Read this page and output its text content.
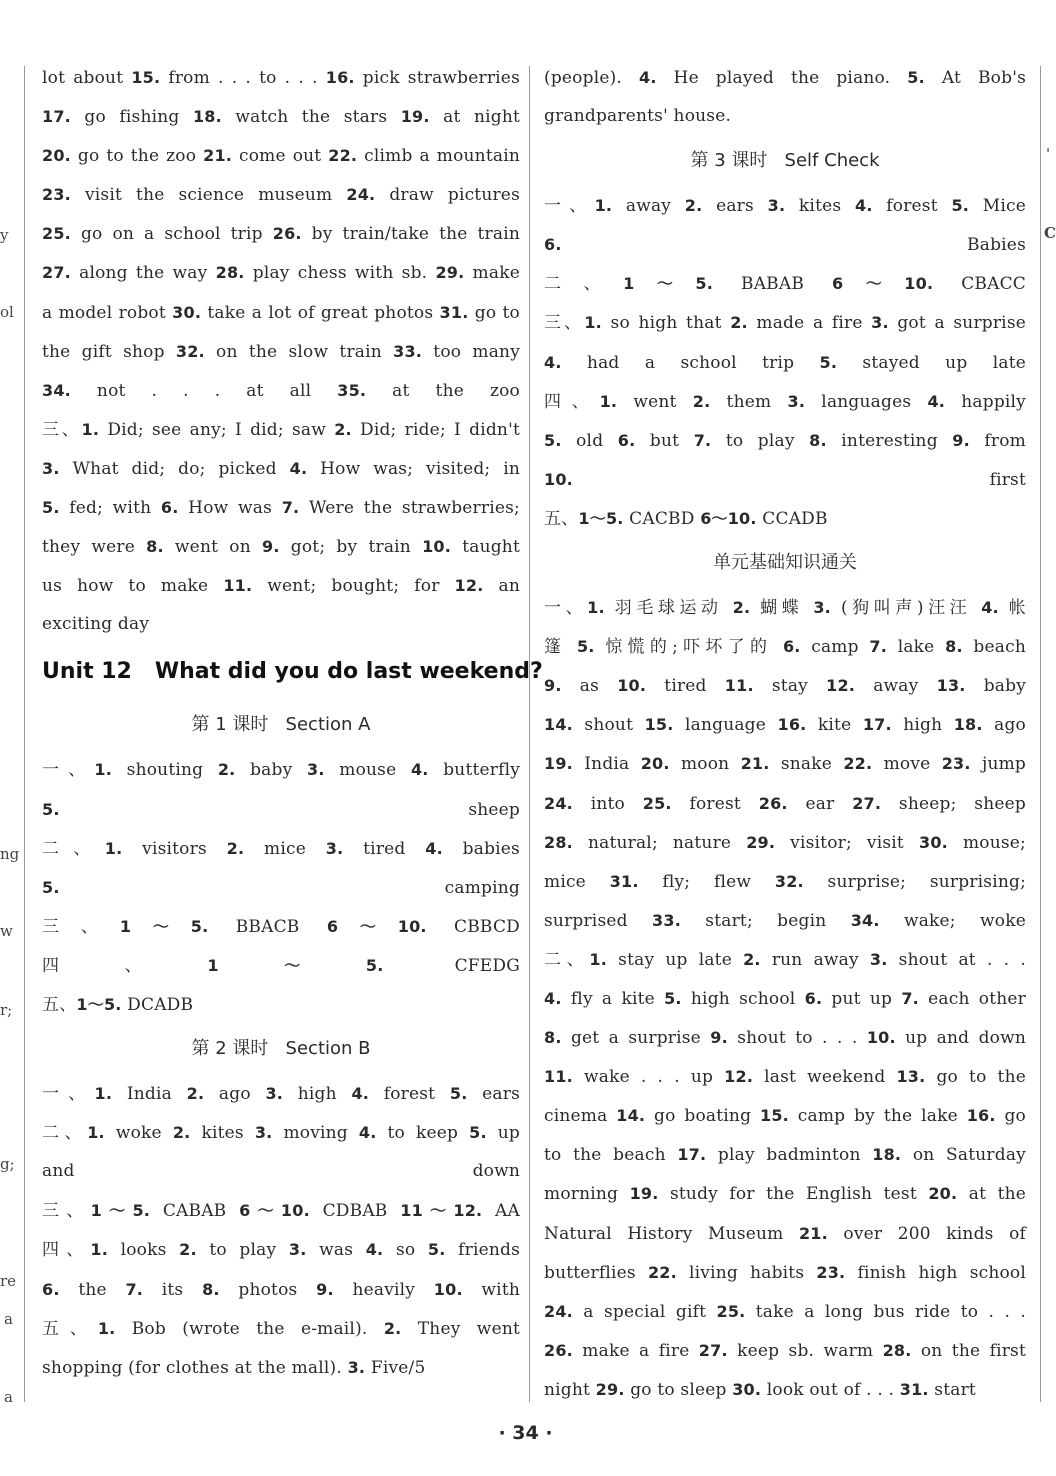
y
ol
ng
w
r;
g;
re
a
a
'
C
lot about 15. from . . . to . . . 16. pick strawberries
17. go fishing 18. watch the stars 19. at night
20. go to the zoo 21. come out 22. climb a mountain
23. visit the science museum 24. draw pictures
25. go on a school trip 26. by train/take the train
27. along the way 28. play chess with sb. 29. make
a model robot 30. take a lot of great photos 31. go to
the gift shop 32. on the slow train 33. too many
34. not . . . at all 35. at the zoo
三、1. Did; see any; I did; saw 2. Did; ride; I didn't
3. What did; do; picked 4. How was; visited; in
5. fed; with 6. How was 7. Were the strawberries;
they were 8. went on 9. got; by train 10. taught
us how to make 11. went; bought; for 12. an
exciting day
Unit 12   What did you do last weekend?
第 1 课时   Section A
一、1. shouting 2. baby 3. mouse 4. butterfly
5. sheep
二、1. visitors 2. mice 3. tired 4. babies
5. camping
三、1～5. BBACB 6～10. CBBCD
四、1～5. CFEDG
五、1～5. DCADB
第 2 课时   Section B
一、1. India 2. ago 3. high 4. forest 5. ears
二、1. woke 2. kites 3. moving 4. to keep 5. up
and down
三、1～5. CABAB 6～10. CDBAB 11～12. AA
四、1. looks 2. to play 3. was 4. so 5. friends
6. the 7. its 8. photos 9. heavily 10. with
五、1. Bob (wrote the e-mail). 2. They went
shopping (for clothes at the mall). 3. Five/5
(people). 4. He played the piano. 5. At Bob's
grandparents' house.
第 3 课时   Self Check
一、1. away 2. ears 3. kites 4. forest 5. Mice
6. Babies
二、1～5. BABAB 6～10. CBACC
三、1. so high that 2. made a fire 3. got a surprise
4. had a school trip 5. stayed up late
四、1. went 2. them 3. languages 4. happily
5. old 6. but 7. to play 8. interesting 9. from
10. first
五、1～5. CACBD 6～10. CCADB
单元基础知识通关
一、1. 羽毛球运动 2. 蝴蝶 3. (狗叫声)汪汪 4. 帐
篷 5. 惊慌的;吓坏了的 6. camp 7. lake 8. beach
9. as 10. tired 11. stay 12. away 13. baby
14. shout 15. language 16. kite 17. high 18. ago
19. India 20. moon 21. snake 22. move 23. jump
24. into 25. forest 26. ear 27. sheep; sheep
28. natural; nature 29. visitor; visit 30. mouse;
mice 31. fly; flew 32. surprise; surprising;
surprised 33. start; begin 34. wake; woke
二、1. stay up late 2. run away 3. shout at . . .
4. fly a kite 5. high school 6. put up 7. each other
8. get a surprise 9. shout to . . . 10. up and down
11. wake . . . up 12. last weekend 13. go to the
cinema 14. go boating 15. camp by the lake 16. go
to the beach 17. play badminton 18. on Saturday
morning 19. study for the English test 20. at the
Natural History Museum 21. over 200 kinds of
butterflies 22. living habits 23. finish high school
24. a special gift 25. take a long bus ride to . . .
26. make a fire 27. keep sb. warm 28. on the first
night 29. go to sleep 30. look out of . . . 31. start
· 34 ·
